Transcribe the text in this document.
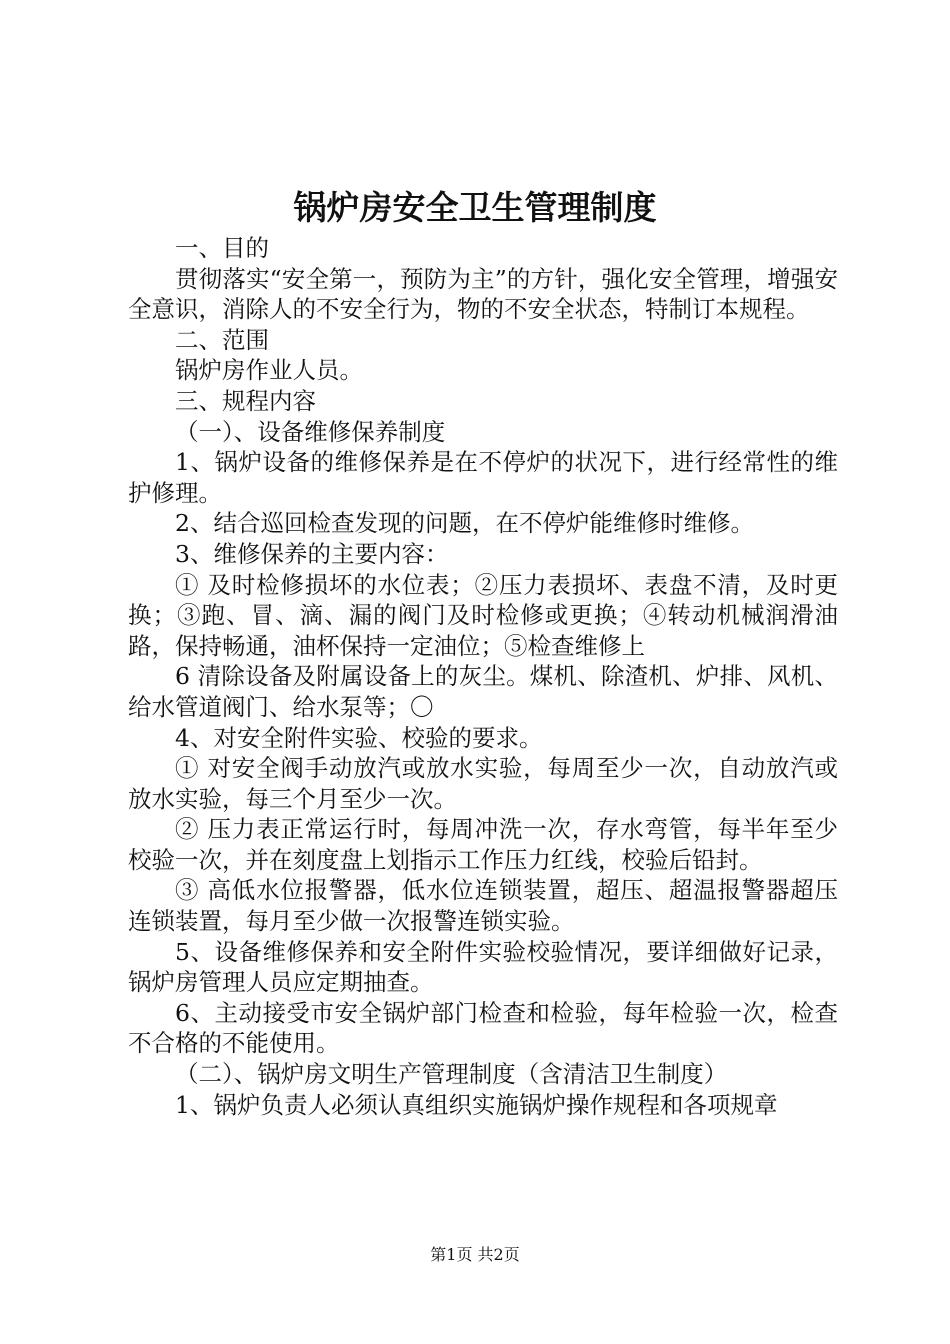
锅炉房安全卫生管理制度

一、目的

贯彻落实“安全第一，预防为主”的方针，强化安全管理，增强安全意识，消除人的不安全行为，物的不安全状态，特制订本规程。

二、范围

锅炉房作业人员。

三、规程内容

（一）、设备维修保养制度

1、锅炉设备的维修保养是在不停炉的状况下，进行经常性的维护修理。

2、结合巡回检查发现的问题，在不停炉能维修时维修。

3、维修保养的主要内容：

① 及时检修损坏的水位表；②压力表损坏、表盘不清，及时更换；③跑、冒、滴、漏的阀门及时检修或更换；④转动机械润滑油路，保持畅通，油杯保持一定油位；⑤检查维修上

6 清除设备及附属设备上的灰尘。煤机、除渣机、炉排、风机、给水管道阀门、给水泵等；〇

4、对安全附件实验、校验的要求。

① 对安全阀手动放汽或放水实验，每周至少一次，自动放汽或放水实验，每三个月至少一次。

② 压力表正常运行时，每周冲洗一次，存水弯管，每半年至少校验一次，并在刻度盘上划指示工作压力红线，校验后铅封。

③ 高低水位报警器，低水位连锁装置，超压、超温报警器超压连锁装置，每月至少做一次报警连锁实验。

5、设备维修保养和安全附件实验校验情况，要详细做好记录，锅炉房管理人员应定期抽查。

6、主动接受市安全锅炉部门检查和检验，每年检验一次，检查不合格的不能使用。

（二）、锅炉房文明生产管理制度（含清洁卫生制度）

1、锅炉负责人必须认真组织实施锅炉操作规程和各项规章

第1页 共2页
